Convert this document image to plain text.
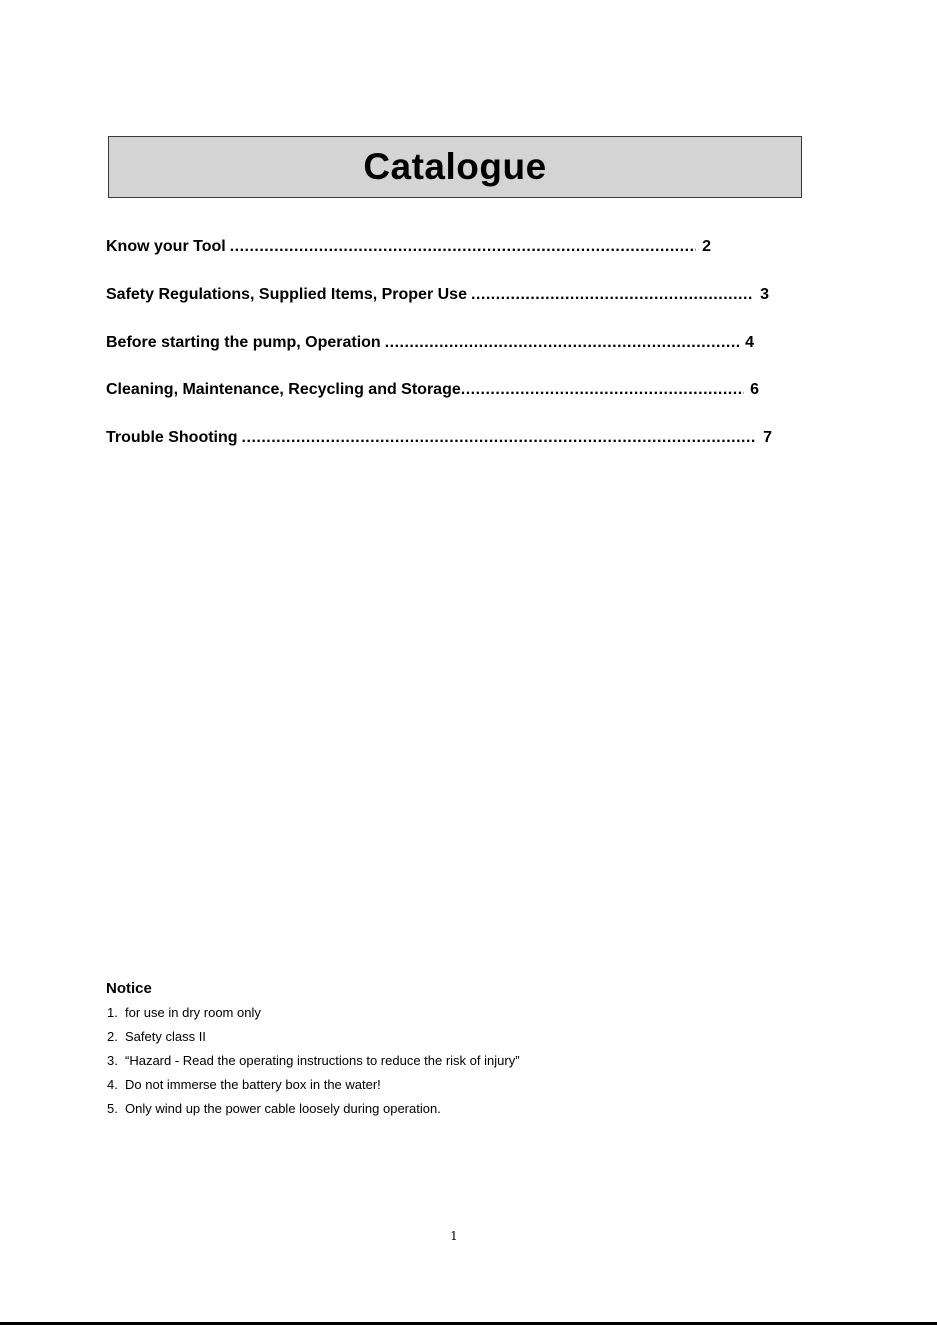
Catalogue
Know your Tool .....	2
Safety Regulations, Supplied Items, Proper Use .....	3
Before starting the pump, Operation .....	4
Cleaning, Maintenance, Recycling and Storage .....	6
Trouble Shooting .....	7
Notice
1. for use in dry room only
2. Safety class II
3. “Hazard - Read the operating instructions to reduce the risk of injury”
4. Do not immerse the battery box in the water!
5. Only wind up the power cable loosely during operation.
1
